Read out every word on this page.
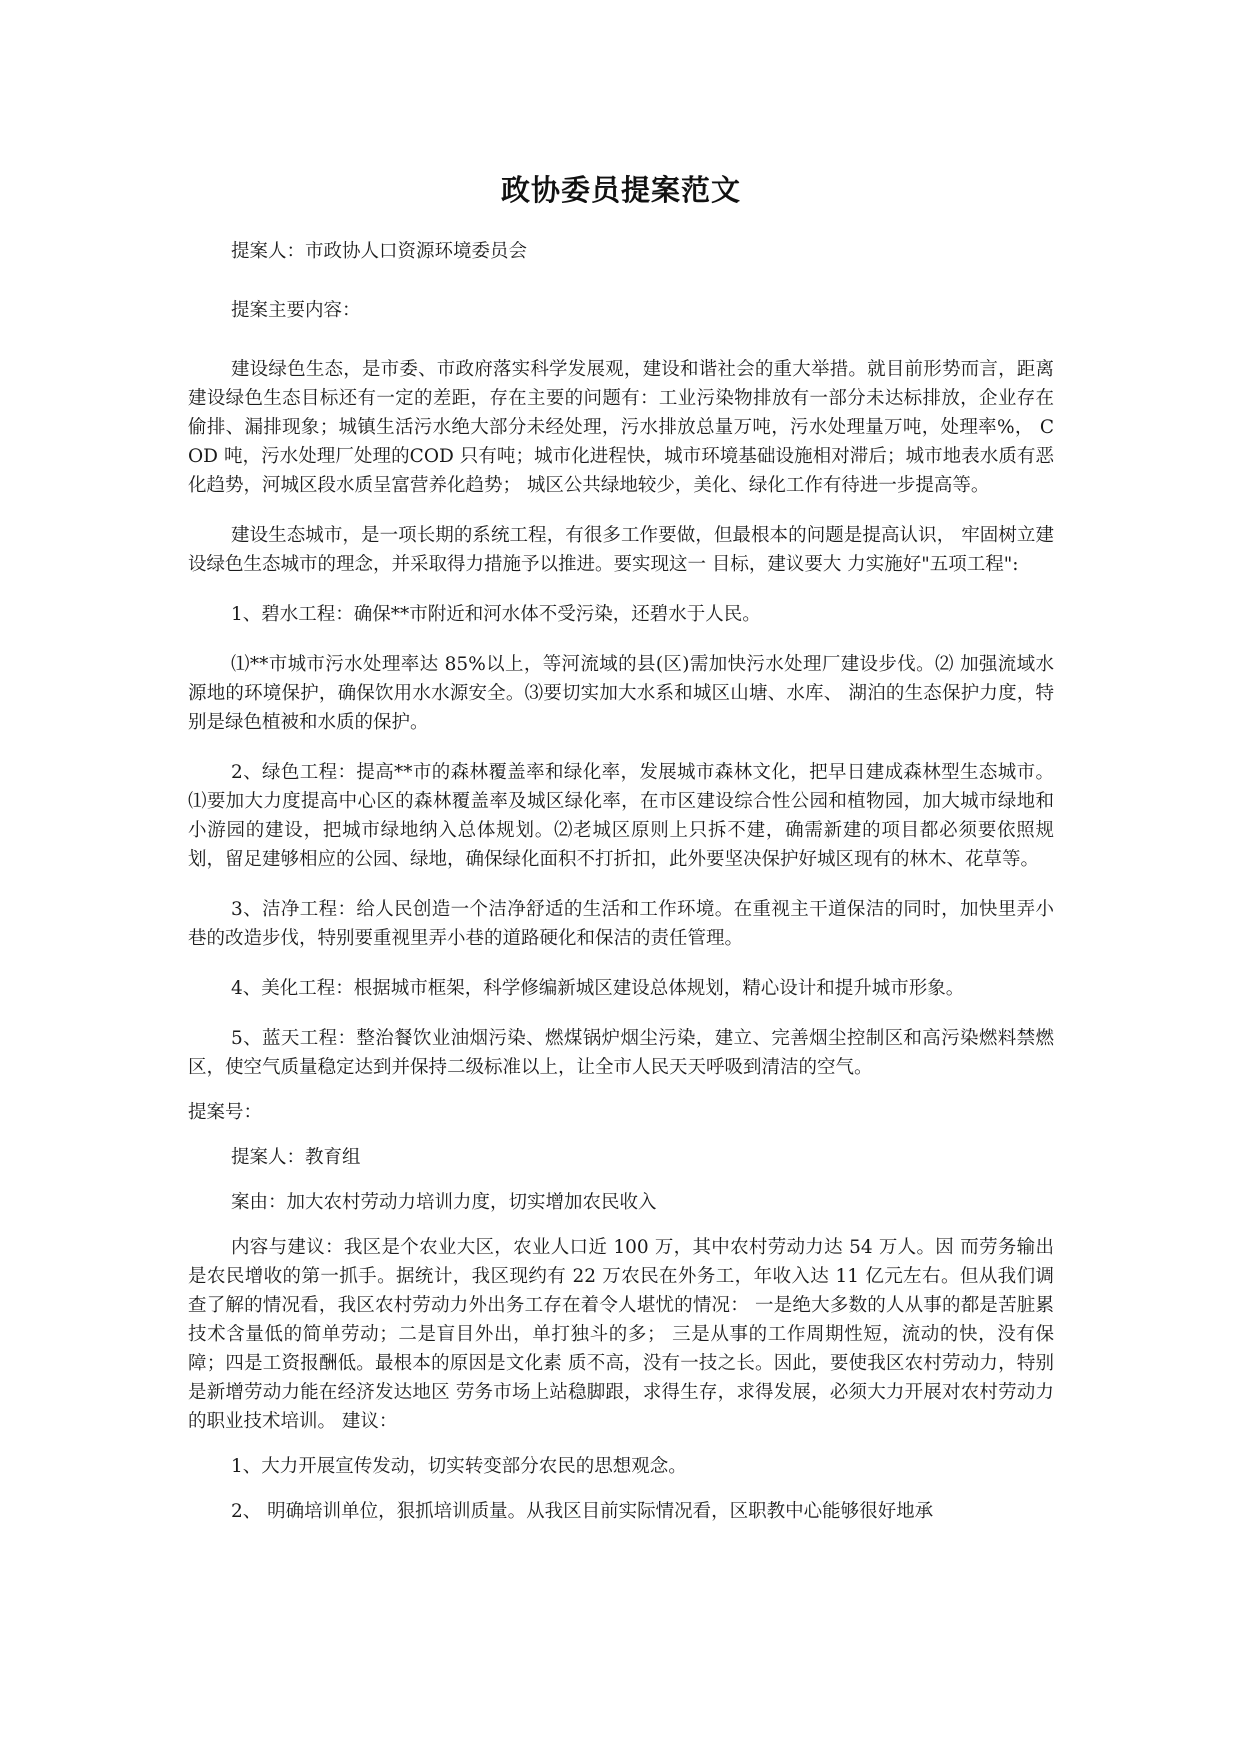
政协委员提案范文

提案人：市政协人口资源环境委员会

提案主要内容：

建设绿色生态，是市委、市政府落实科学发展观，建设和谐社会的重大举措。就目前形势而言，距离建设绿色生态目标还有一定的差距，存在主要的问题有：工业污染物排放有一部分未达标排放，企业存在偷排、漏排现象；城镇生活污水绝大部分未经处理，污水排放总量万吨，污水处理量万吨，处理率%， COD 吨，污水处理厂处理的COD 只有吨；城市化进程快，城市环境基础设施相对滞后；城市地表水质有恶化趋势，河城区段水质呈富营养化趋势； 城区公共绿地较少，美化、绿化工作有待进一步提高等。

建设生态城市，是一项长期的系统工程，有很多工作要做，但最根本的问题是提高认识， 牢固树立建设绿色生态城市的理念，并采取得力措施予以推进。要实现这一 目标，建议要大 力实施好"五项工程":

1、碧水工程：确保**市附近和河水体不受污染，还碧水于人民。

⑴**市城市污水处理率达 85%以上，等河流域的县(区)需加快污水处理厂建设步伐。⑵ 加强流域水源地的环境保护，确保饮用水水源安全。⑶要切实加大水系和城区山塘、水库、 湖泊的生态保护力度，特别是绿色植被和水质的保护。

2、绿色工程：提高**市的森林覆盖率和绿化率，发展城市森林文化，把早日建成森林型生态城市。⑴要加大力度提高中心区的森林覆盖率及城区绿化率，在市区建设综合性公园和植物园，加大城市绿地和小游园的建设，把城市绿地纳入总体规划。⑵老城区原则上只拆不建，确需新建的项目都必须要依照规划，留足建够相应的公园、绿地，确保绿化面积不打折扣，此外要坚决保护好城区现有的林木、花草等。

3、洁净工程：给人民创造一个洁净舒适的生活和工作环境。在重视主干道保洁的同时，加快里弄小巷的改造步伐，特别要重视里弄小巷的道路硬化和保洁的责任管理。

4、美化工程：根据城市框架，科学修编新城区建设总体规划，精心设计和提升城市形象。

5、蓝天工程：整治餐饮业油烟污染、燃煤锅炉烟尘污染，建立、完善烟尘控制区和高污染燃料禁燃区，使空气质量稳定达到并保持二级标准以上，让全市人民天天呼吸到清洁的空气。

提案号：

提案人：教育组

案由：加大农村劳动力培训力度，切实增加农民收入

内容与建议：我区是个农业大区，农业人口近 100 万，其中农村劳动力达 54 万人。因 而劳务输出是农民增收的第一抓手。据统计，我区现约有 22 万农民在外务工，年收入达 11 亿元左右。但从我们调查了解的情况看，我区农村劳动力外出务工存在着令人堪忧的情况： 一是绝大多数的人从事的都是苦脏累技术含量低的简单劳动；二是盲目外出，单打独斗的多； 三是从事的工作周期性短，流动的快，没有保障；四是工资报酬低。最根本的原因是文化素 质不高，没有一技之长。因此，要使我区农村劳动力，特别是新增劳动力能在经济发达地区 劳务市场上站稳脚跟，求得生存，求得发展，必须大力开展对农村劳动力的职业技术培训。 建议：

1、大力开展宣传发动，切实转变部分农民的思想观念。

2、 明确培训单位，狠抓培训质量。从我区目前实际情况看，区职教中心能够很好地承
